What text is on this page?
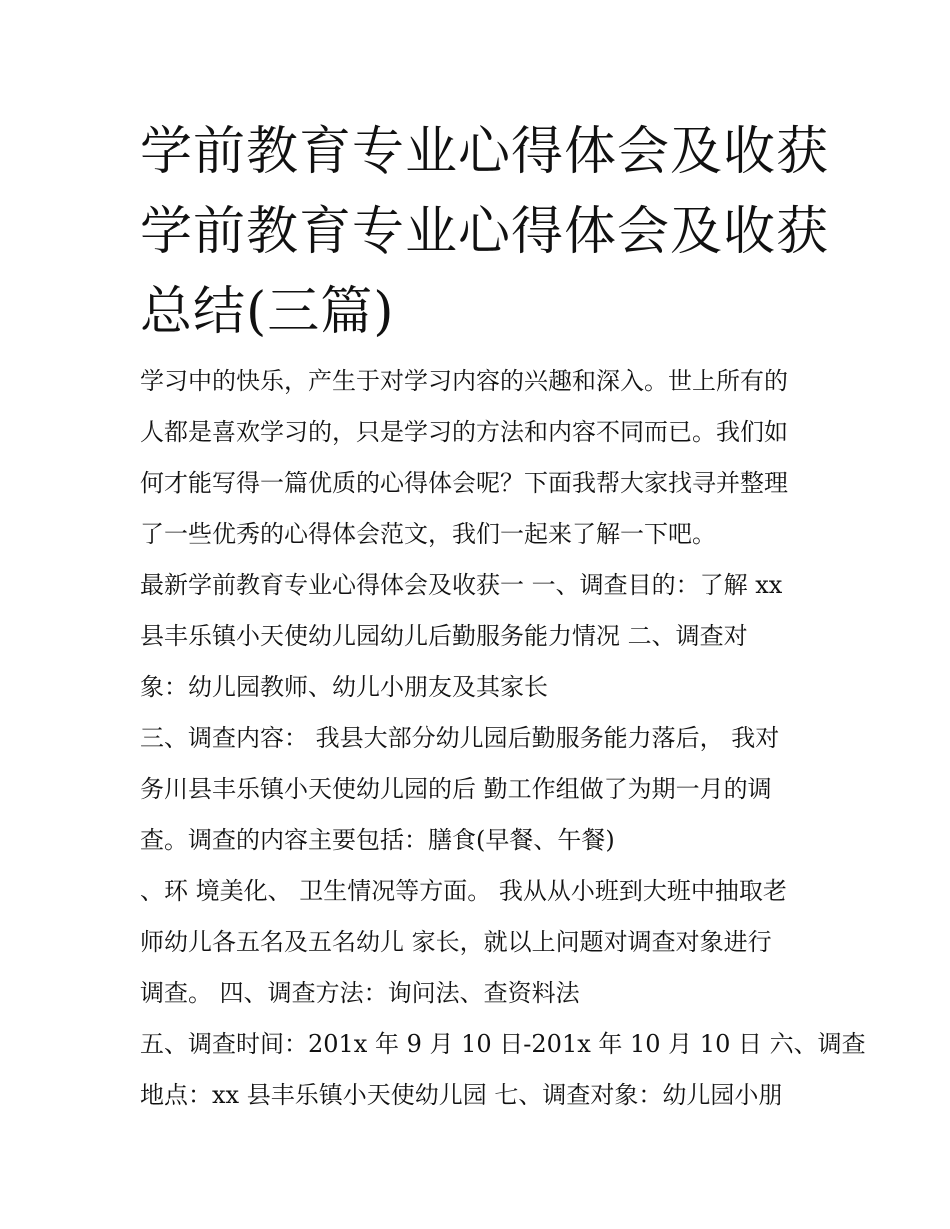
学前教育专业心得体会及收获
学前教育专业心得体会及收获
总结(三篇)
学习中的快乐，产生于对学习内容的兴趣和深入。世上所有的
人都是喜欢学习的，只是学习的方法和内容不同而已。我们如
何才能写得一篇优质的心得体会呢？下面我帮大家找寻并整理
了一些优秀的心得体会范文，我们一起来了解一下吧。
最新学前教育专业心得体会及收获一 一、调查目的：了解 xx
县丰乐镇小天使幼儿园幼儿后勤服务能力情况 二、调查对
象：幼儿园教师、幼儿小朋友及其家长
三、调查内容： 我县大部分幼儿园后勤服务能力落后， 我对
务川县丰乐镇小天使幼儿园的后 勤工作组做了为期一月的调
查。调查的内容主要包括：膳食(早餐、午餐)
、环 境美化、 卫生情况等方面。 我从从小班到大班中抽取老
师幼儿各五名及五名幼儿 家长，就以上问题对调查对象进行
调查。 四、调查方法：询问法、查资料法
五、调查时间：201x 年 9 月 10 日-201x 年 10 月 10 日 六、调查
地点：xx 县丰乐镇小天使幼儿园 七、调查对象：幼儿园小朋
